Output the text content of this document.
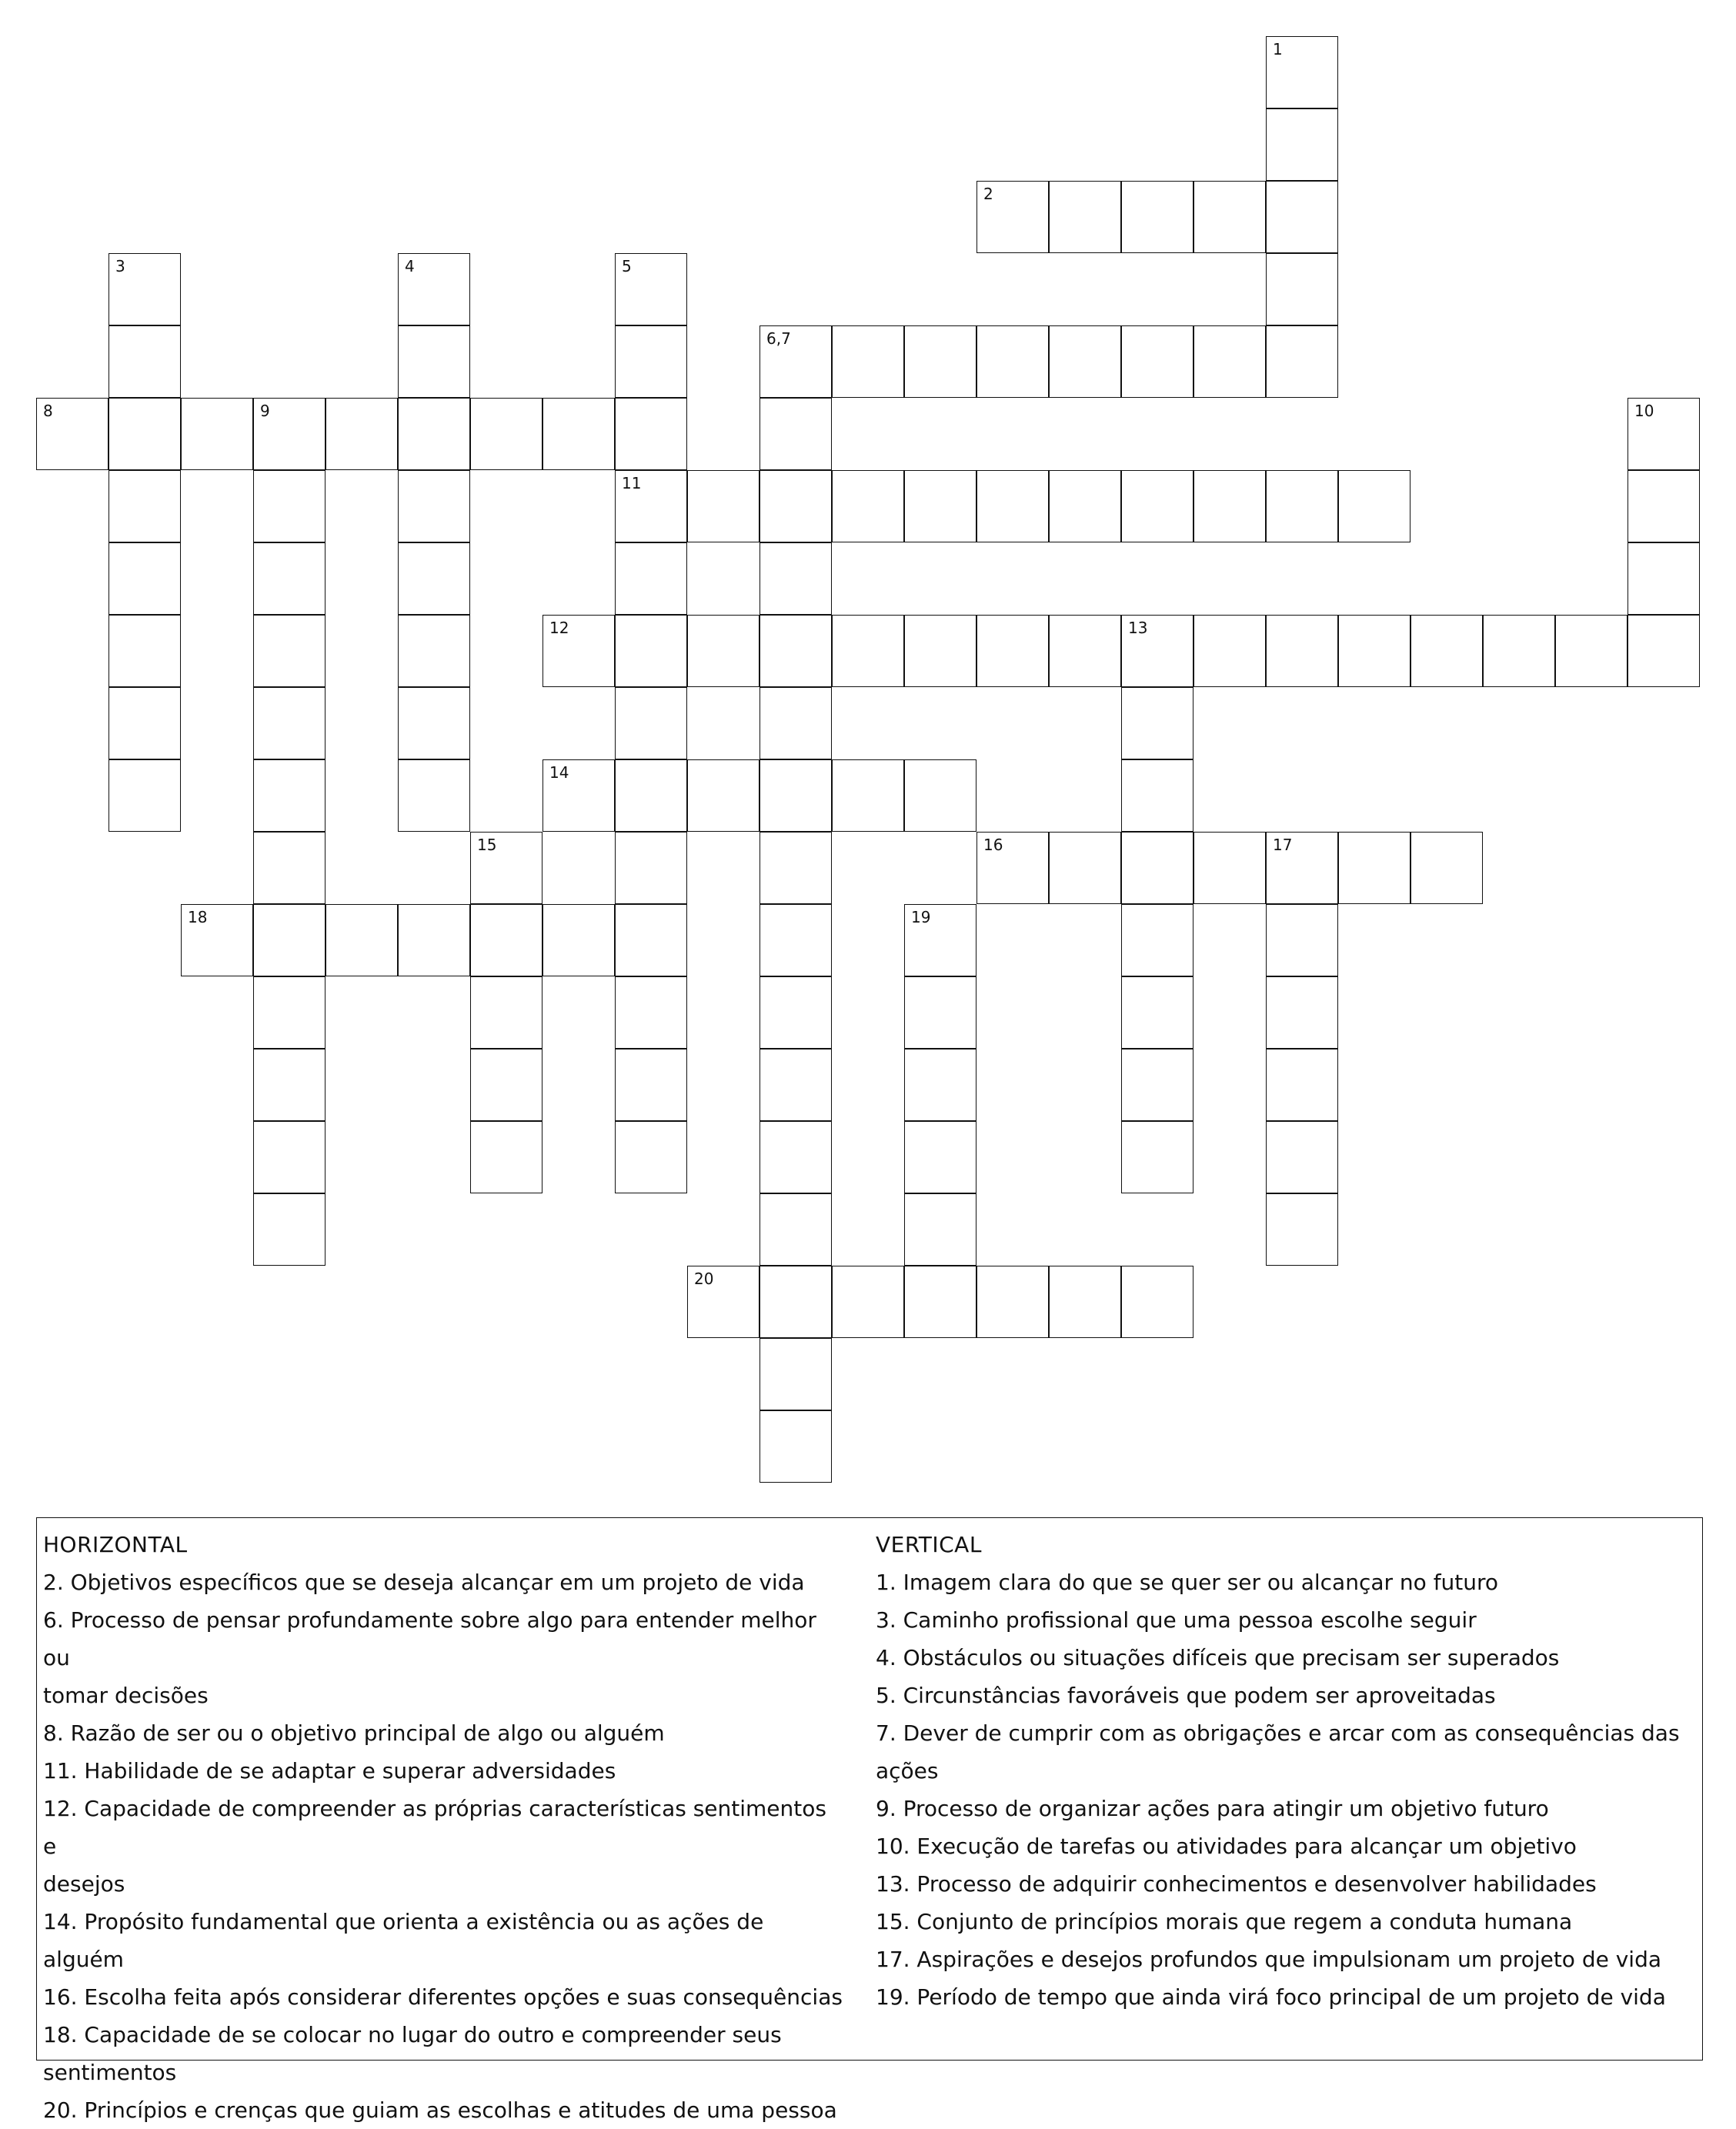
2
6,7
8	9
11
12	13
14
16	17
18
20
1
3	4	5
10
15
19
HORIZONTAL
2. Objetivos específicos que se deseja alcançar em um projeto de vida
6. Processo de pensar profundamente sobre algo para entender melhor ou
tomar decisões
8. Razão de ser ou o objetivo principal de algo ou alguém
11. Habilidade de se adaptar e superar adversidades
12. Capacidade de compreender as próprias características sentimentos e
desejos
14. Propósito fundamental que orienta a existência ou as ações de alguém
16. Escolha feita após considerar diferentes opções e suas consequências
18. Capacidade de se colocar no lugar do outro e compreender seus
sentimentos
20. Princípios e crenças que guiam as escolhas e atitudes de uma pessoa
VERTICAL
1. Imagem clara do que se quer ser ou alcançar no futuro
3. Caminho profissional que uma pessoa escolhe seguir
4. Obstáculos ou situações difíceis que precisam ser superados
5. Circunstâncias favoráveis que podem ser aproveitadas
7. Dever de cumprir com as obrigações e arcar com as consequências das ações
9. Processo de organizar ações para atingir um objetivo futuro
10. Execução de tarefas ou atividades para alcançar um objetivo
13. Processo de adquirir conhecimentos e desenvolver habilidades
15. Conjunto de princípios morais que regem a conduta humana
17. Aspirações e desejos profundos que impulsionam um projeto de vida
19. Período de tempo que ainda virá foco principal de um projeto de vida
